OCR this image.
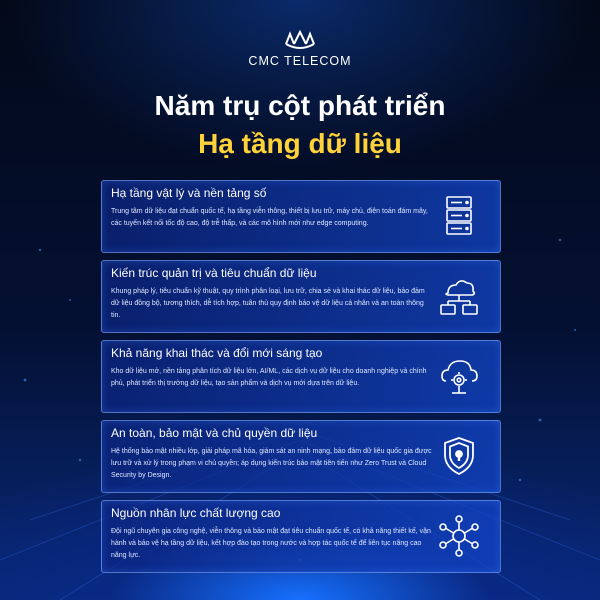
CMC TELECOM
Năm trụ cột phát triển
Hạ tầng dữ liệu
Hạ tầng vật lý và nền tảng số
Trung tâm dữ liệu đạt chuẩn quốc tế, hạ tầng viễn thông, thiết bị lưu trữ, máy chủ, điện toán đám mây, các tuyến kết nối tốc độ cao, độ trễ thấp, và các mô hình mới như edge computing.
Kiến trúc quản trị và tiêu chuẩn dữ liệu
Khung pháp lý, tiêu chuẩn kỹ thuật, quy trình phân loại, lưu trữ, chia sẻ và khai thác dữ liệu, bảo đảm dữ liệu đồng bộ, tương thích, dễ tích hợp, tuân thủ quy định bảo vệ dữ liệu cá nhân và an toàn thông tin.
Khả năng khai thác và đổi mới sáng tạo
Kho dữ liệu mở, nền tảng phân tích dữ liệu lớn, AI/ML, các dịch vụ dữ liệu cho doanh nghiệp và chính phủ, phát triển thị trường dữ liệu, tạo sản phẩm và dịch vụ mới dựa trên dữ liệu.
An toàn, bảo mật và chủ quyền dữ liệu
Hệ thống bảo mật nhiều lớp, giải pháp mã hóa, giám sát an ninh mạng, bảo đảm dữ liệu quốc gia được lưu trữ và xử lý trong phạm vi chủ quyền; áp dụng kiến trúc bảo mật tiên tiến như Zero Trust và Cloud Security by Design.
Nguồn nhân lực chất lượng cao
Đội ngũ chuyên gia công nghệ, viễn thông và bảo mật đạt tiêu chuẩn quốc tế, có khả năng thiết kế, vận hành và bảo vệ hạ tầng dữ liệu, kết hợp đào tạo trong nước và hợp tác quốc tế để liên tục nâng cao năng lực.
